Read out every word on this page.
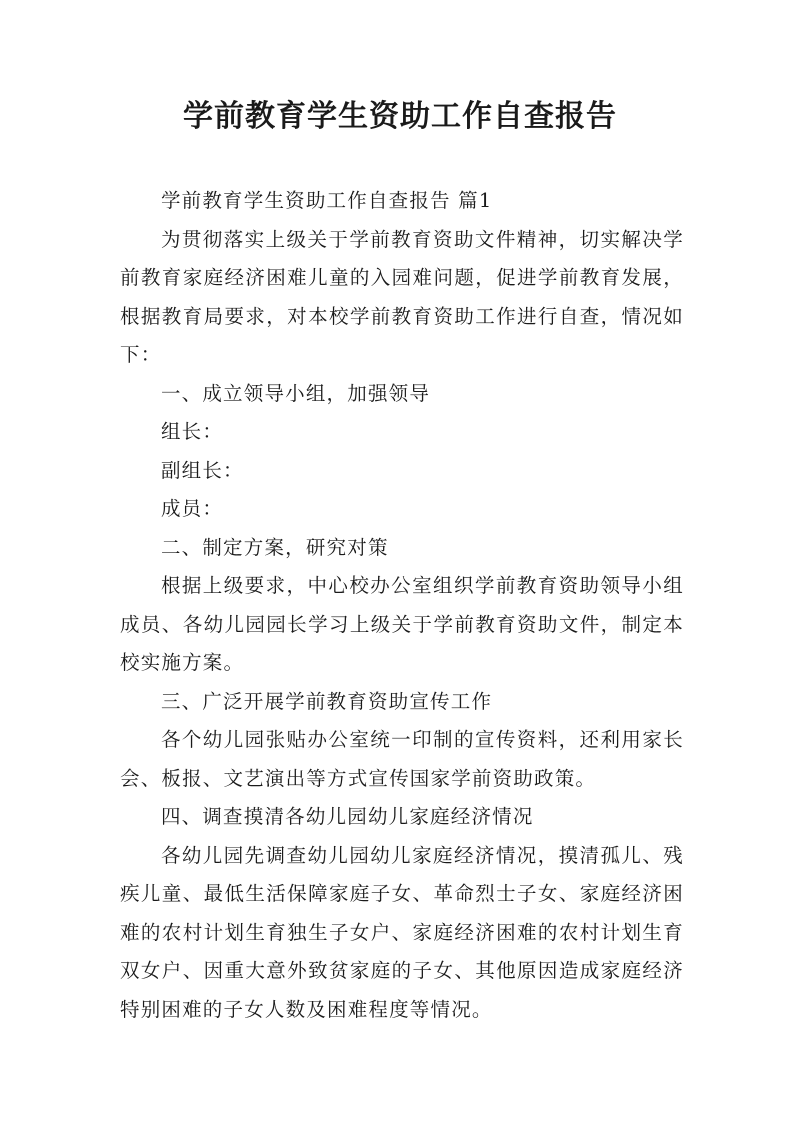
学前教育学生资助工作自查报告

学前教育学生资助工作自查报告 篇1

为贯彻落实上级关于学前教育资助文件精神，切实解决学前教育家庭经济困难儿童的入园难问题，促进学前教育发展，根据教育局要求，对本校学前教育资助工作进行自查，情况如下：

一、成立领导小组，加强领导

组长：

副组长：

成员：

二、制定方案，研究对策

根据上级要求，中心校办公室组织学前教育资助领导小组成员、各幼儿园园长学习上级关于学前教育资助文件，制定本校实施方案。

三、广泛开展学前教育资助宣传工作

各个幼儿园张贴办公室统一印制的宣传资料，还利用家长会、板报、文艺演出等方式宣传国家学前资助政策。

四、调查摸清各幼儿园幼儿家庭经济情况

各幼儿园先调查幼儿园幼儿家庭经济情况，摸清孤儿、残疾儿童、最低生活保障家庭子女、革命烈士子女、家庭经济困难的农村计划生育独生子女户、家庭经济困难的农村计划生育双女户、因重大意外致贫家庭的子女、其他原因造成家庭经济特别困难的子女人数及困难程度等情况。
